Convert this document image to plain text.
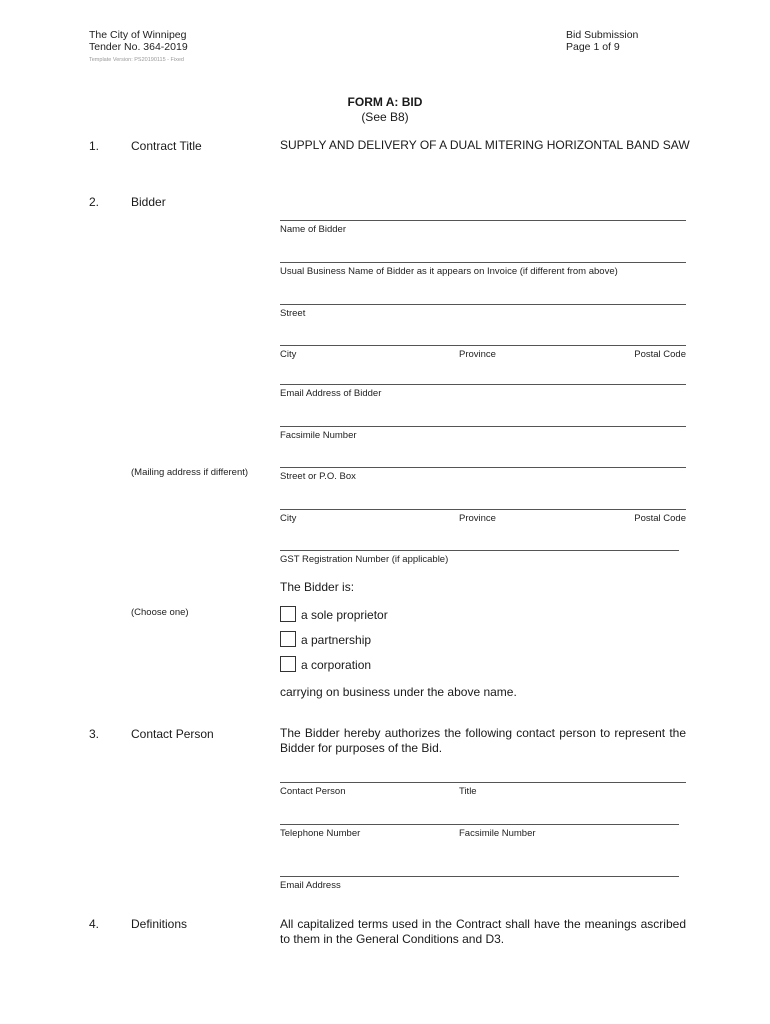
The City of Winnipeg
Tender No. 364-2019
Template Version: PS20190115 - Fixed
Bid Submission
Page 1 of 9
FORM A: BID
(See B8)
1.	Contract Title	SUPPLY AND DELIVERY OF A DUAL MITERING HORIZONTAL BAND SAW
2.	Bidder
Name of Bidder
Usual Business Name of Bidder as it appears on Invoice (if different from above)
Street
City	Province	Postal Code
Email Address of Bidder
Facsimile Number
(Mailing address if different)	Street or P.O. Box
City	Province	Postal Code
GST Registration Number (if applicable)
The Bidder is:
(Choose one)	a sole proprietor
a partnership
a corporation
carrying on business under the above name.
3.	Contact Person	The Bidder hereby authorizes the following contact person to represent the Bidder for purposes of the Bid.
Contact Person	Title
Telephone Number	Facsimile Number
Email Address
4.	Definitions	All capitalized terms used in the Contract shall have the meanings ascribed to them in the General Conditions and D3.
